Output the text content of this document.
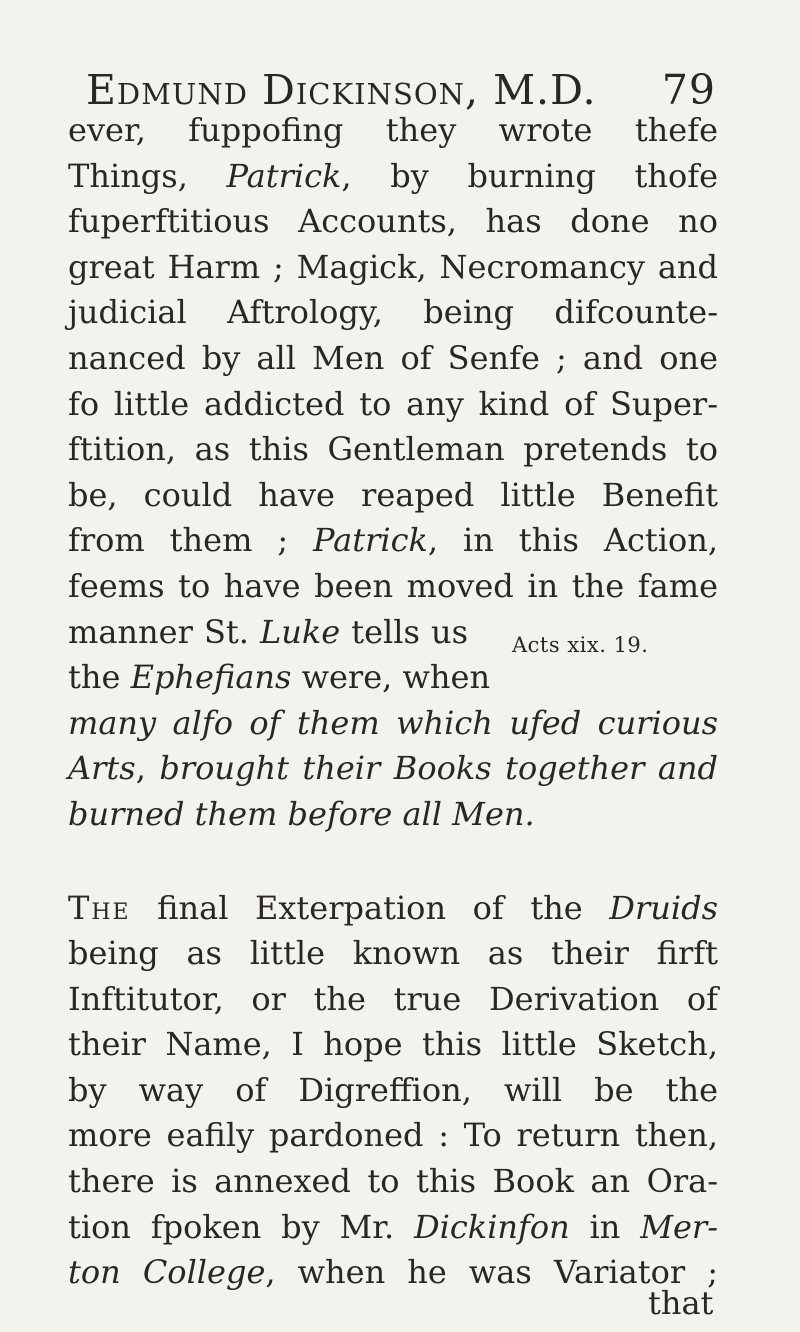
Edmund Dickinson, M.D. 79
ever, fuppofing they wrote thefe
Things, Patrick, by burning thofe
fuperftitious Accounts, has done no
great Harm ; Magick, Necromancy and
judicial Aftrology, being difcounte-
nanced by all Men of Senfe ; and one
fo little addicted to any kind of Super-
ftition, as this Gentleman pretends to
be, could have reaped little Benefit
from them ; Patrick, in this Action,
feems to have been moved in the fame
manner St. Luke tells us
the Ephefians were, when
many alfo of them which ufed curious
Arts, brought their Books together and
burned them before all Men.
The final Exterpation of the Druids
being as little known as their firft
Inftitutor, or the true Derivation of
their Name, I hope this little Sketch,
by way of Digreffion, will be the
more eafily pardoned : To return then,
there is annexed to this Book an Ora-
tion fpoken by Mr. Dickinfon in Mer-
ton College, when he was Variator ;
Acts xix. 19.
that
